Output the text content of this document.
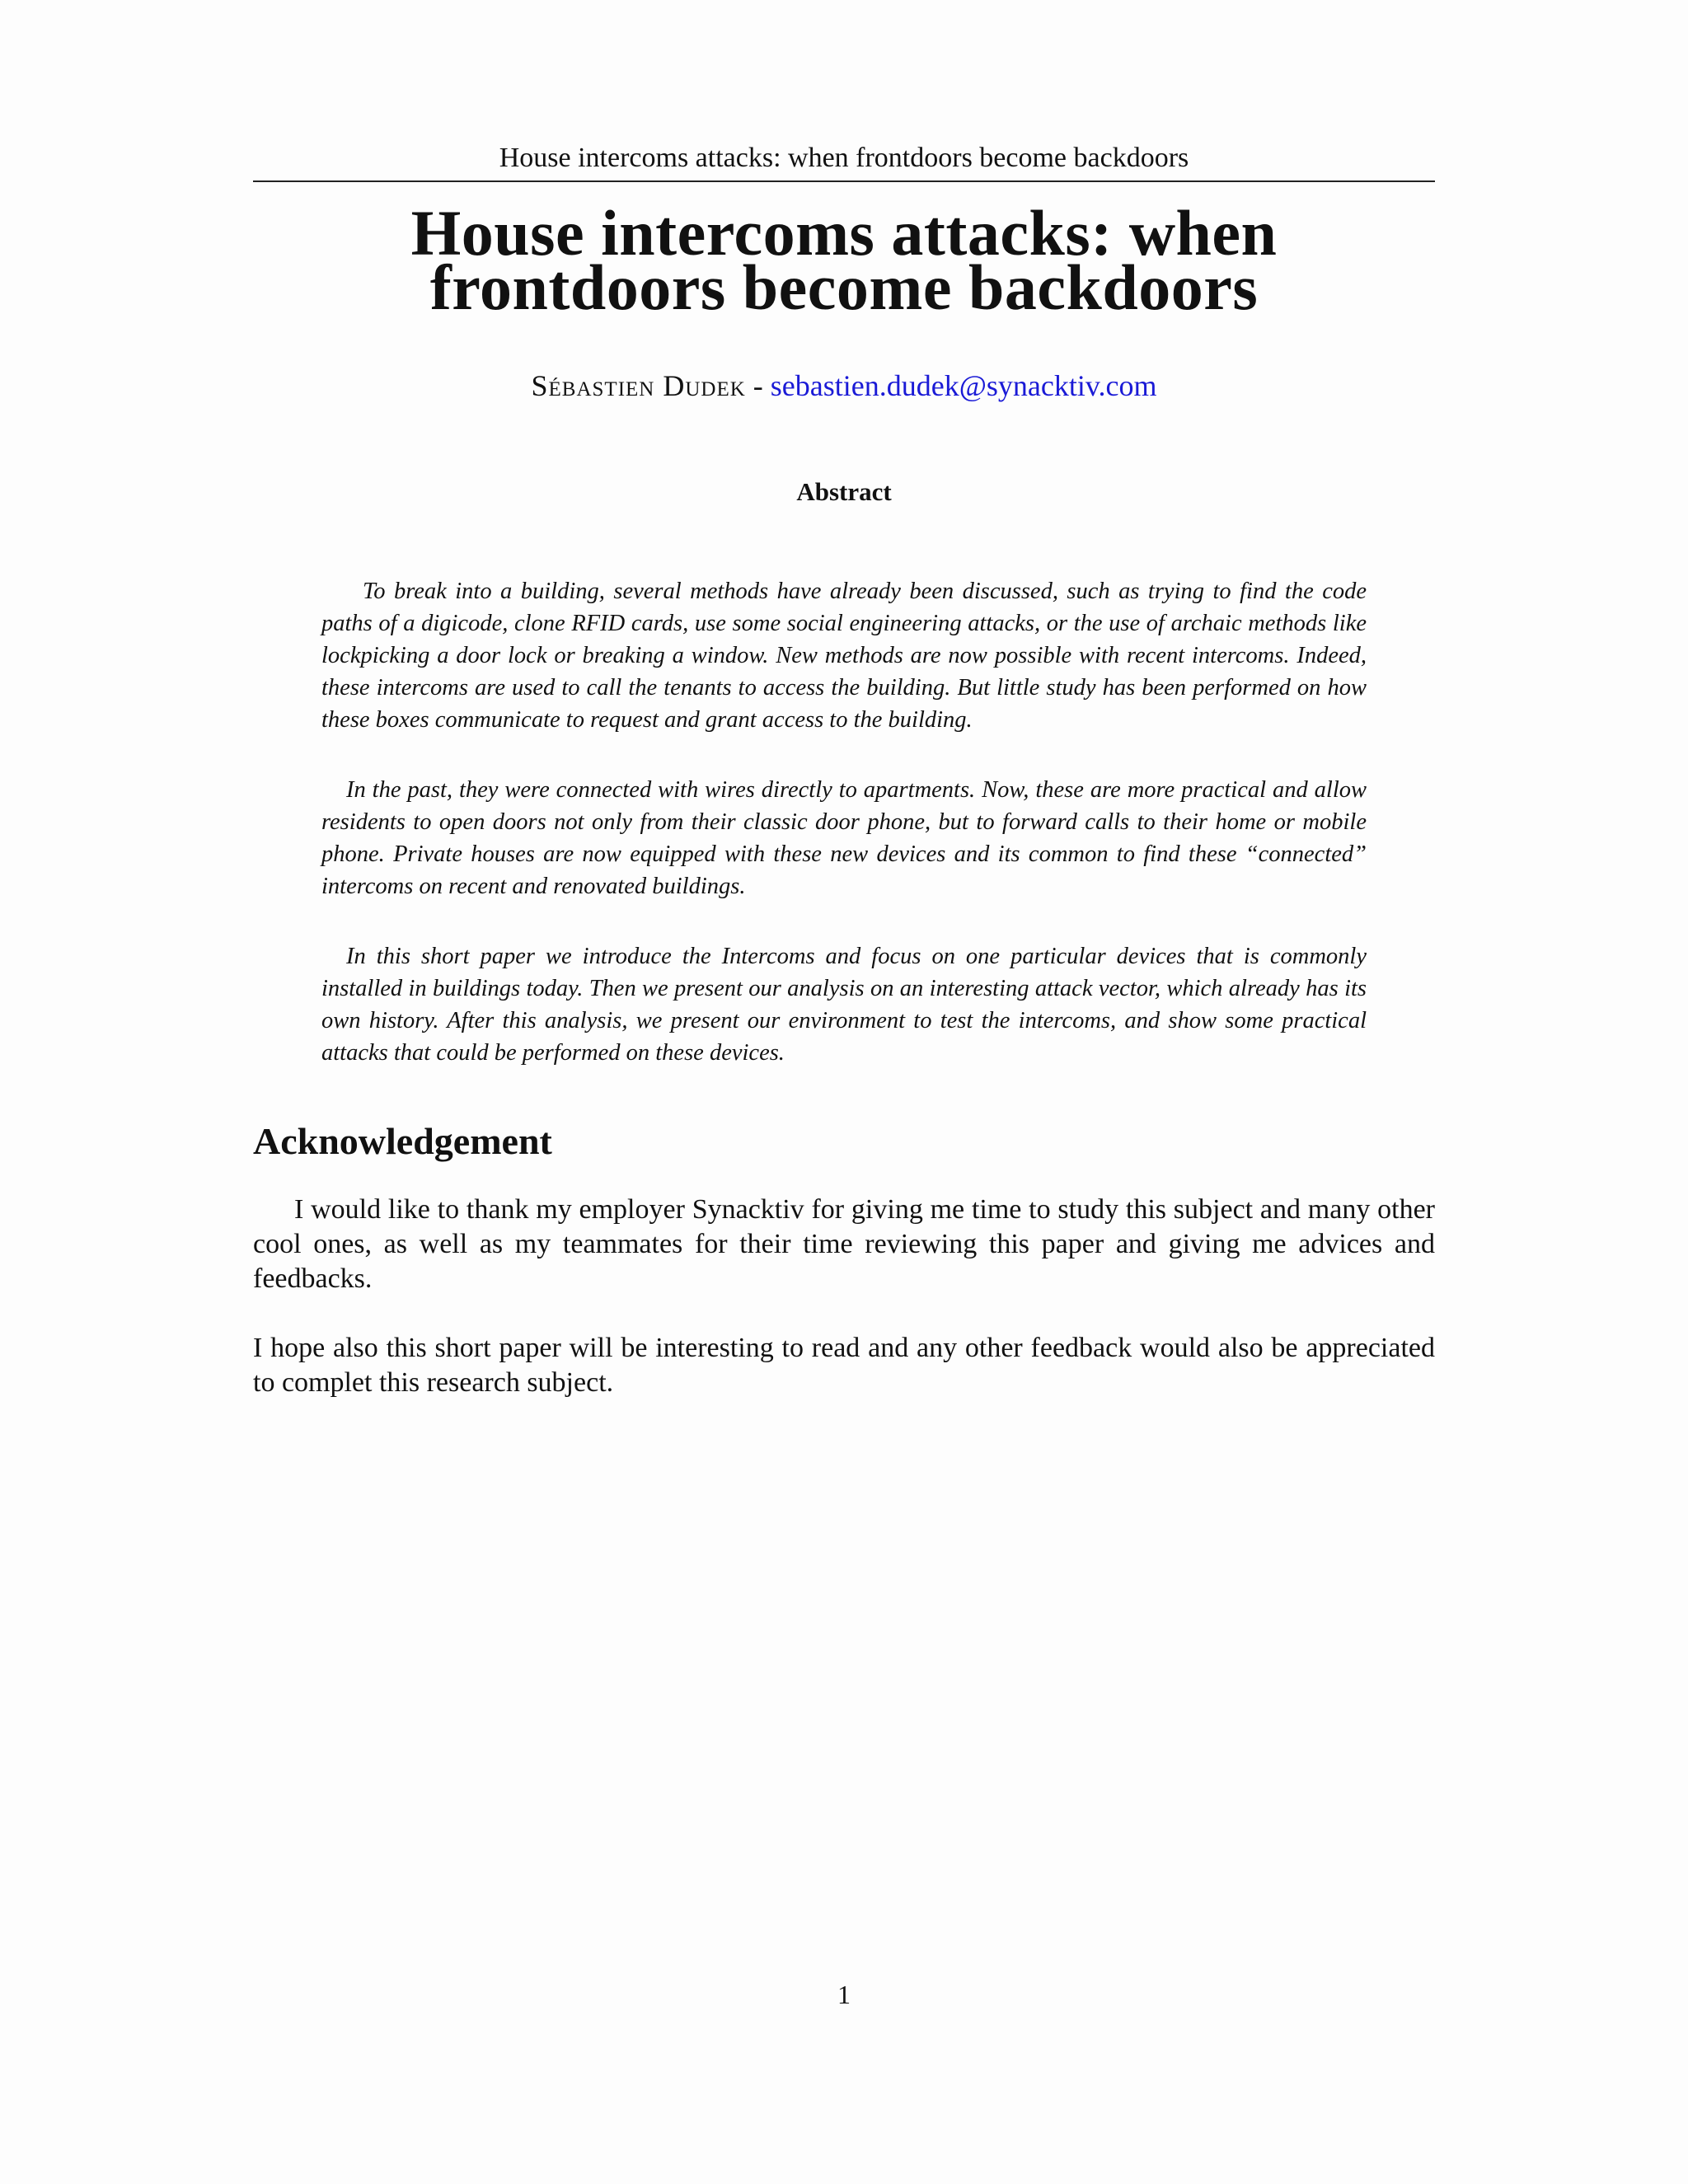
House intercoms attacks: when frontdoors become backdoors
House intercoms attacks: when
frontdoors become backdoors
Sébastien Dudek - sebastien.dudek@synacktiv.com
Abstract

To break into a building, several methods have already been discussed, such as trying to find the code paths of a digicode, clone RFID cards, use some social engineering attacks, or the use of archaic methods like lockpicking a door lock or breaking a window. New methods are now possible with recent intercoms. Indeed, these intercoms are used to call the tenants to access the building. But little study has been performed on how these boxes communicate to request and grant access to the building.

In the past, they were connected with wires directly to apartments. Now, these are more practical and allow residents to open doors not only from their classic door phone, but to forward calls to their home or mobile phone. Private houses are now equipped with these new devices and its common to find these “connected” intercoms on recent and renovated buildings.

In this short paper we introduce the Intercoms and focus on one particular devices that is commonly installed in buildings today. Then we present our analysis on an interesting attack vector, which already has its own history. After this analysis, we present our environment to test the intercoms, and show some practical attacks that could be performed on these devices.

Acknowledgement

I would like to thank my employer Synacktiv for giving me time to study this subject and many other cool ones, as well as my teammates for their time reviewing this paper and giving me advices and feedbacks.

I hope also this short paper will be interesting to read and any other feedback would also be appreciated to complet this research subject.

1
